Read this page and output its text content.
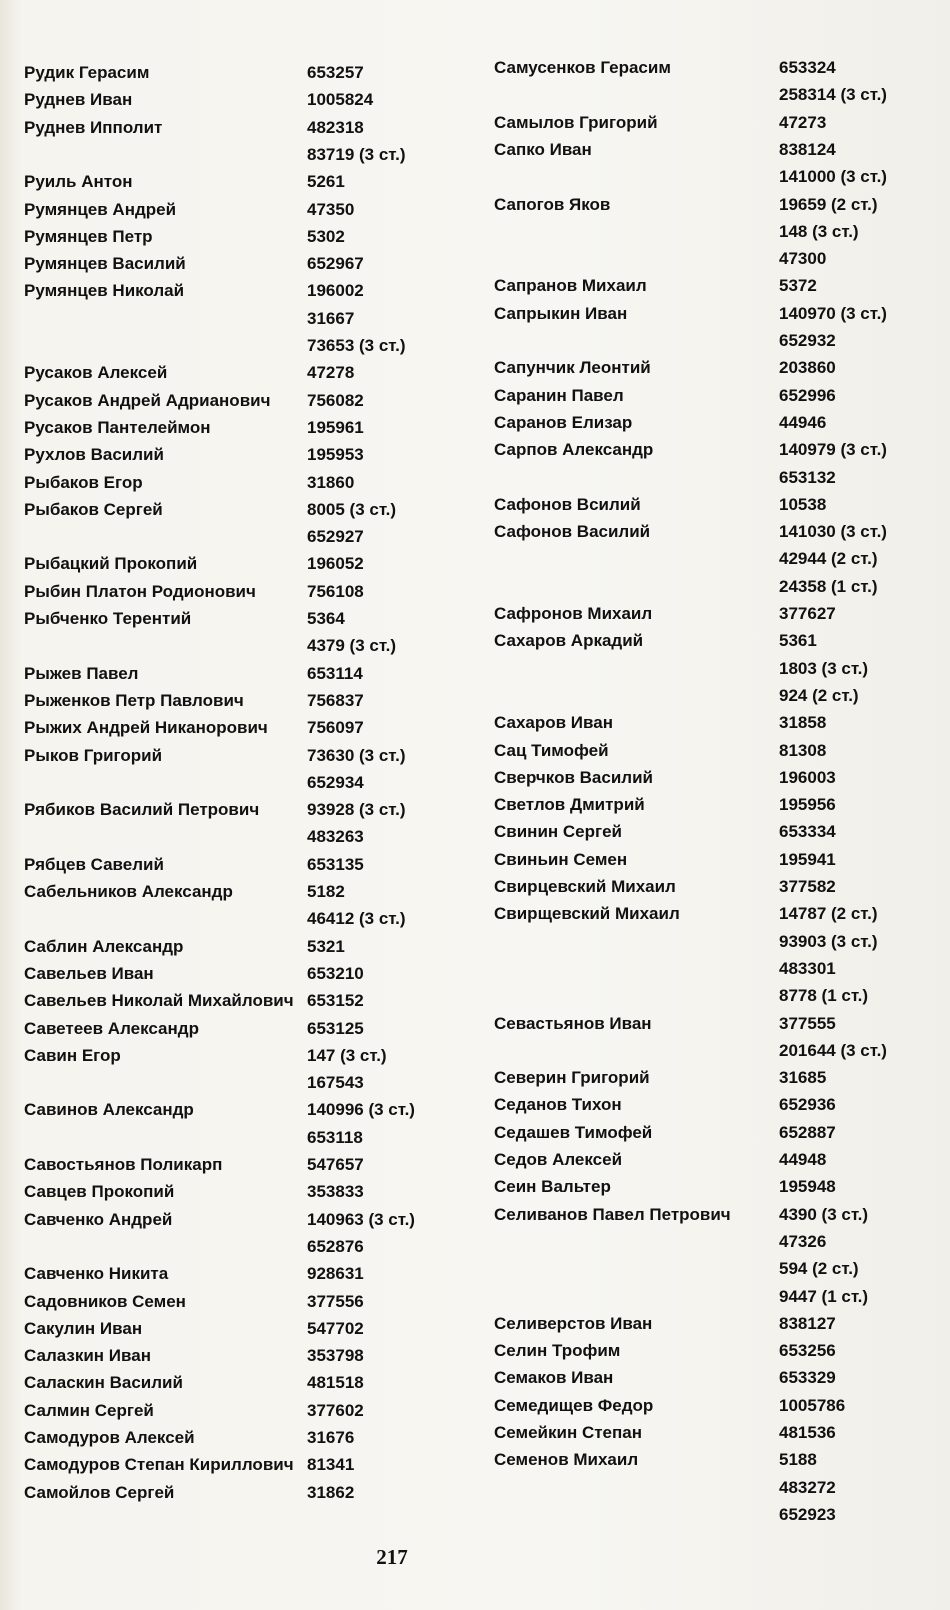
Рудик Герасим	653257
Руднев Иван	1005824
Руднев Ипполит	482318
83719 (3 ст.)
Руиль Антон	5261
Румянцев Андрей	47350
Румянцев Петр	5302
Румянцев Василий	652967
Румянцев Николай	196002
31667
73653 (3 ст.)
Русаков Алексей	47278
Русаков Андрей Адрианович 756082
Русаков Пантелеймон	195961
Рухлов Василий	195953
Рыбаков Егор	31860
Рыбаков Сергей	8005 (3 ст.)
652927
Рыбацкий Прокопий	196052
Рыбин Платон Родионович	756108
Рыбченко Терентий	5364
4379 (3 ст.)
Рыжев Павел	653114
Рыженков Петр Павлович	756837
Рыжих Андрей Никанорович 756097
Рыков Григорий	73630 (3 ст.)
652934
Рябиков Василий Петрович	93928 (3 ст.)
483263
Рябцев Савелий	653135
Сабельников Александр	5182
46412 (3 ст.)
Саблин Александр	5321
Савельев Иван	653210
Савельев Николай Михайлович 653152
Саветеев Александр	653125
Савин Егор	147 (3 ст.)
167543
Савинов Александр	140996 (3 ст.)
653118
Савостьянов Поликарп	547657
Савцев Прокопий	353833
Савченко Андрей	140963 (3 ст.)
652876
Савченко Никита	928631
Садовников Семен	377556
Сакулин Иван	547702
Салазкин Иван	353798
Саласкин Василий	481518
Салмин Сергей	377602
Самодуров Алексей	31676
Самодуров Степан Кириллович 81341
Самойлов Сергей	31862
Самусенков Герасим	653324
258314 (3 ст.)
Самылов Григорий	47273
Сапко Иван	838124
141000 (3 ст.)
Сапогов Яков	19659 (2 ст.)
148 (3 ст.)
47300
Сапранов Михаил	5372
Сапрыкин Иван	140970 (3 ст.)
652932
Сапунчик Леонтий	203860
Саранин Павел	652996
Саранов Елизар	44946
Сарпов Александр	140979 (3 ст.)
653132
Сафонов Всилий	10538
Сафонов Василий	141030 (3 ст.)
42944 (2 ст.)
24358 (1 ст.)
Сафронов Михаил	377627
Сахаров Аркадий	5361
1803 (3 ст.)
924 (2 ст.)
Сахаров Иван	31858
Сац Тимофей	81308
Сверчков Василий	196003
Светлов Дмитрий	195956
Свинин Сергей	653334
Свиньин Семен	195941
Свирцевский Михаил	377582
Свирщевский Михаил	14787 (2 ст.)
93903 (3 ст.)
483301
8778 (1 ст.)
Севастьянов Иван	377555
201644 (3 ст.)
Северин Григорий	31685
Седанов Тихон	652936
Седашев Тимофей	652887
Седов Алексей	44948
Сеин Вальтер	195948
Селиванов Павел Петрович	4390 (3 ст.)
47326
594 (2 ст.)
9447 (1 ст.)
Селиверстов Иван	838127
Селин Трофим	653256
Семаков Иван	653329
Семедищев Федор	1005786
Семейкин Степан	481536
Семенов Михаил	5188
483272
652923
217
